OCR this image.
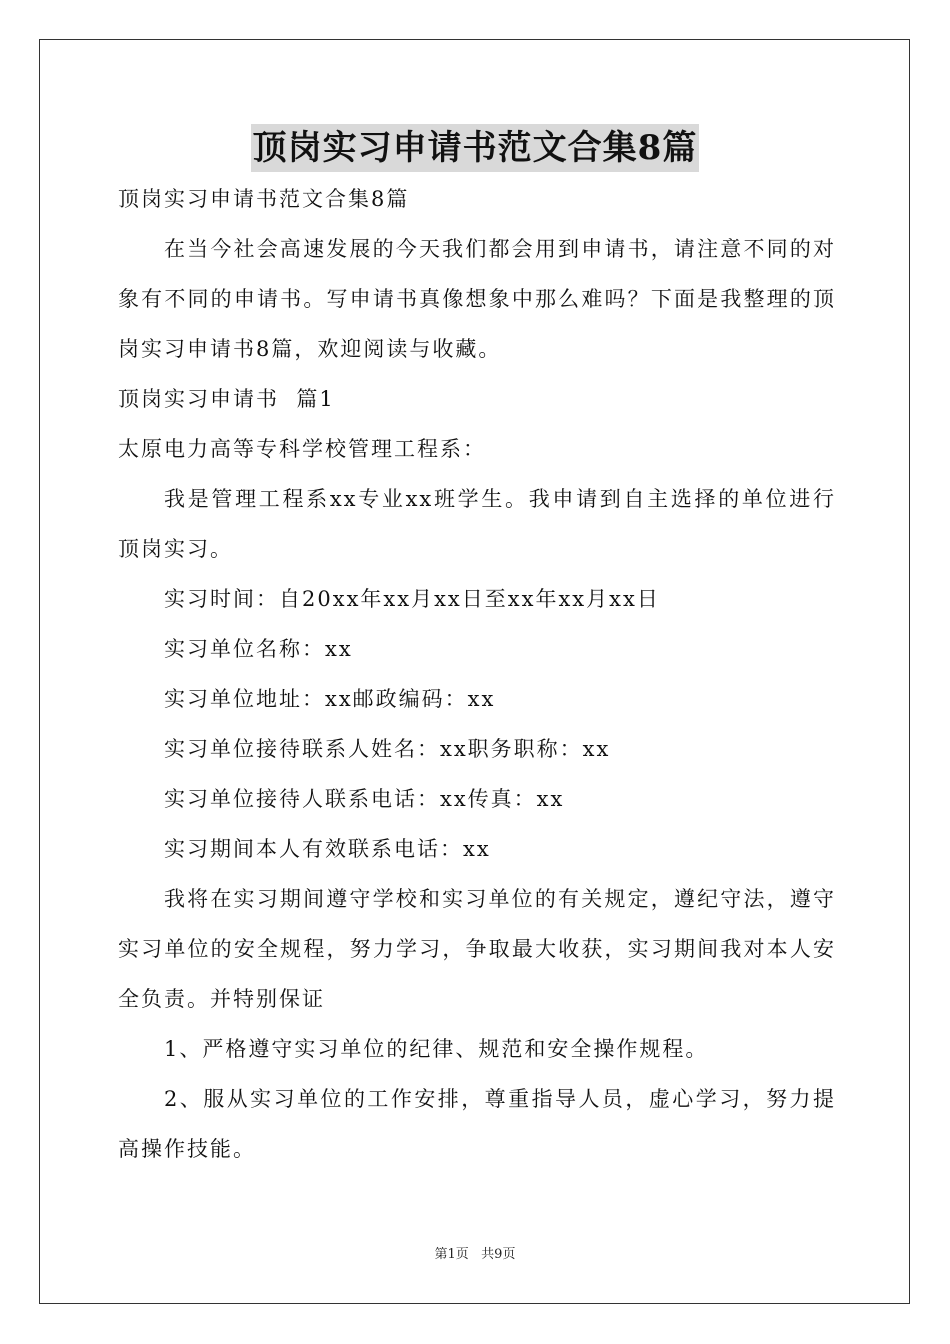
顶岗实习申请书范文合集8篇
顶岗实习申请书范文合集8篇

在当今社会高速发展的今天我们都会用到申请书，请注意不同的对象有不同的申请书。写申请书真像想象中那么难吗？下面是我整理的顶岗实习申请书8篇，欢迎阅读与收藏。

顶岗实习申请书  篇1
太原电力高等专科学校管理工程系：

我是管理工程系xx专业xx班学生。我申请到自主选择的单位进行顶岗实习。

实习时间：自20xx年xx月xx日至xx年xx月xx日
实习单位名称：xx
实习单位地址：xx邮政编码：xx
实习单位接待联系人姓名：xx职务职称：xx
实习单位接待人联系电话：xx传真：xx
实习期间本人有效联系电话：xx

我将在实习期间遵守学校和实习单位的有关规定，遵纪守法，遵守实习单位的安全规程，努力学习，争取最大收获，实习期间我对本人安全负责。并特别保证

1、严格遵守实习单位的纪律、规范和安全操作规程。

2、服从实习单位的工作安排，尊重指导人员，虚心学习，努力提高操作技能。

第1页   共9页
